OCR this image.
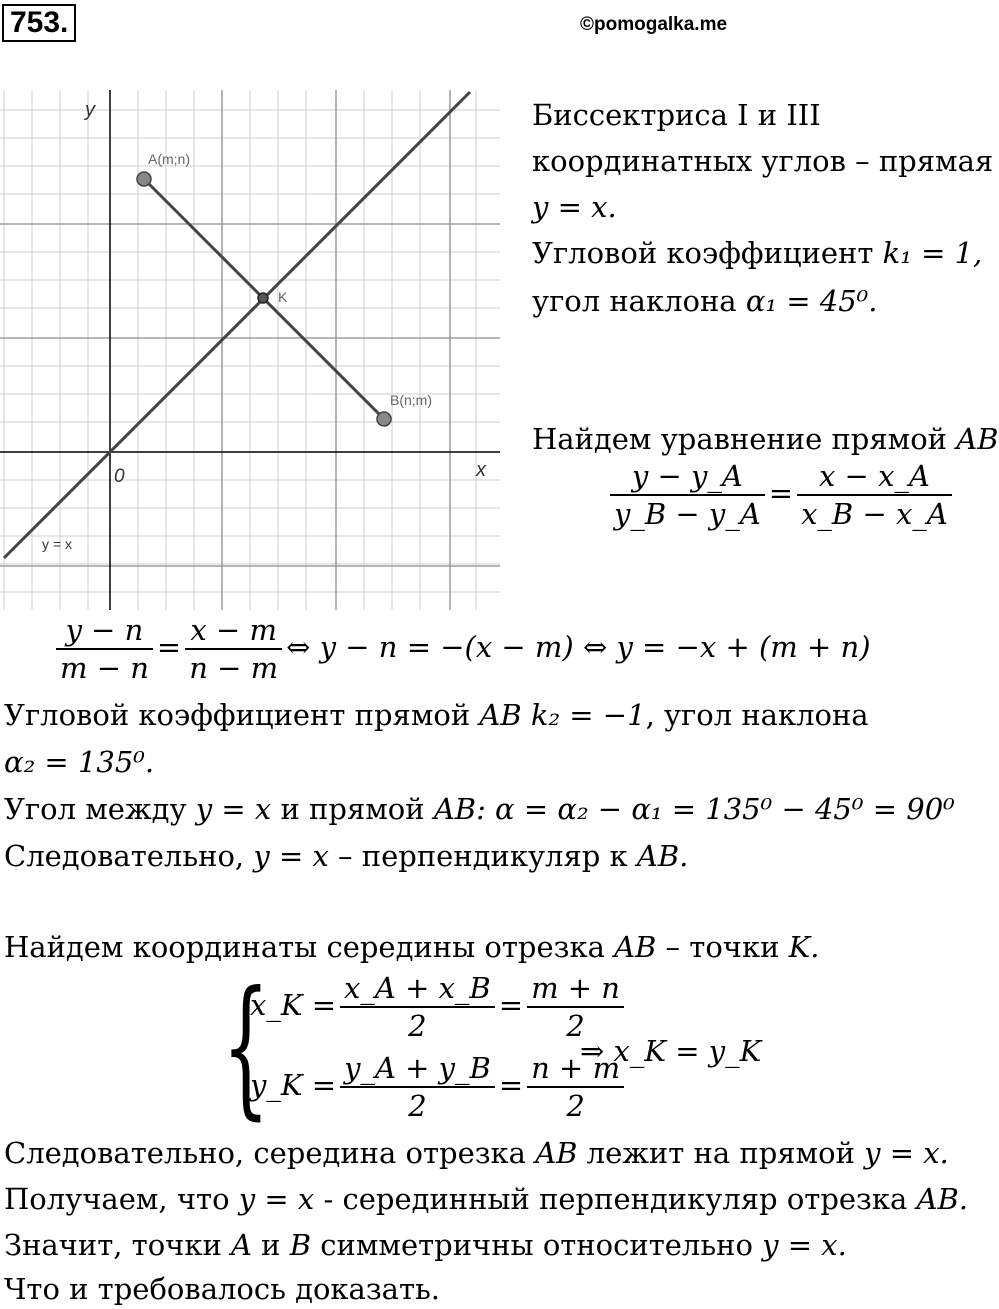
753.	©pomogalka.me
y
x
0
A(m;n)
B(n;m)
K
y = x
Биссектриса I и III
координатных углов – прямая
y = x.
Угловой коэффициент k₁ = 1,
угол наклона α₁ = 45⁰.
Найдем уравнение прямой AB
$\frac{y - y\_A}{y\_B - y\_A} = \frac{x - x\_A}{x\_B - x\_A}$
$\frac{y - n}{m - n} = \frac{x - m}{n - m}$ ⇔ y − n = −(x − m) ⇔ y = −x + (m + n)
Угловой коэффициент прямой AB k₂ = −1, угол наклона
α₂ = 135⁰.
Угол между y = x и прямой AB: α = α₂ − α₁ = 135⁰ − 45⁰ = 90⁰
Следовательно, y = x – перпендикуляр к AB.
Найдем координаты середины отрезка AB – точки K.
{
x_K = $\frac{x\_A + x\_B}{2} = \frac{m + n}{2}$
⇒ x_K = y_K
y_K = $\frac{y\_A + y\_B}{2} = \frac{n + m}{2}$
Следовательно, середина отрезка AB лежит на прямой y = x.
Получаем, что y = x - серединный перпендикуляр отрезка AB.
Значит, точки A и B симметричны относительно y = x.
Что и требовалось доказать.
